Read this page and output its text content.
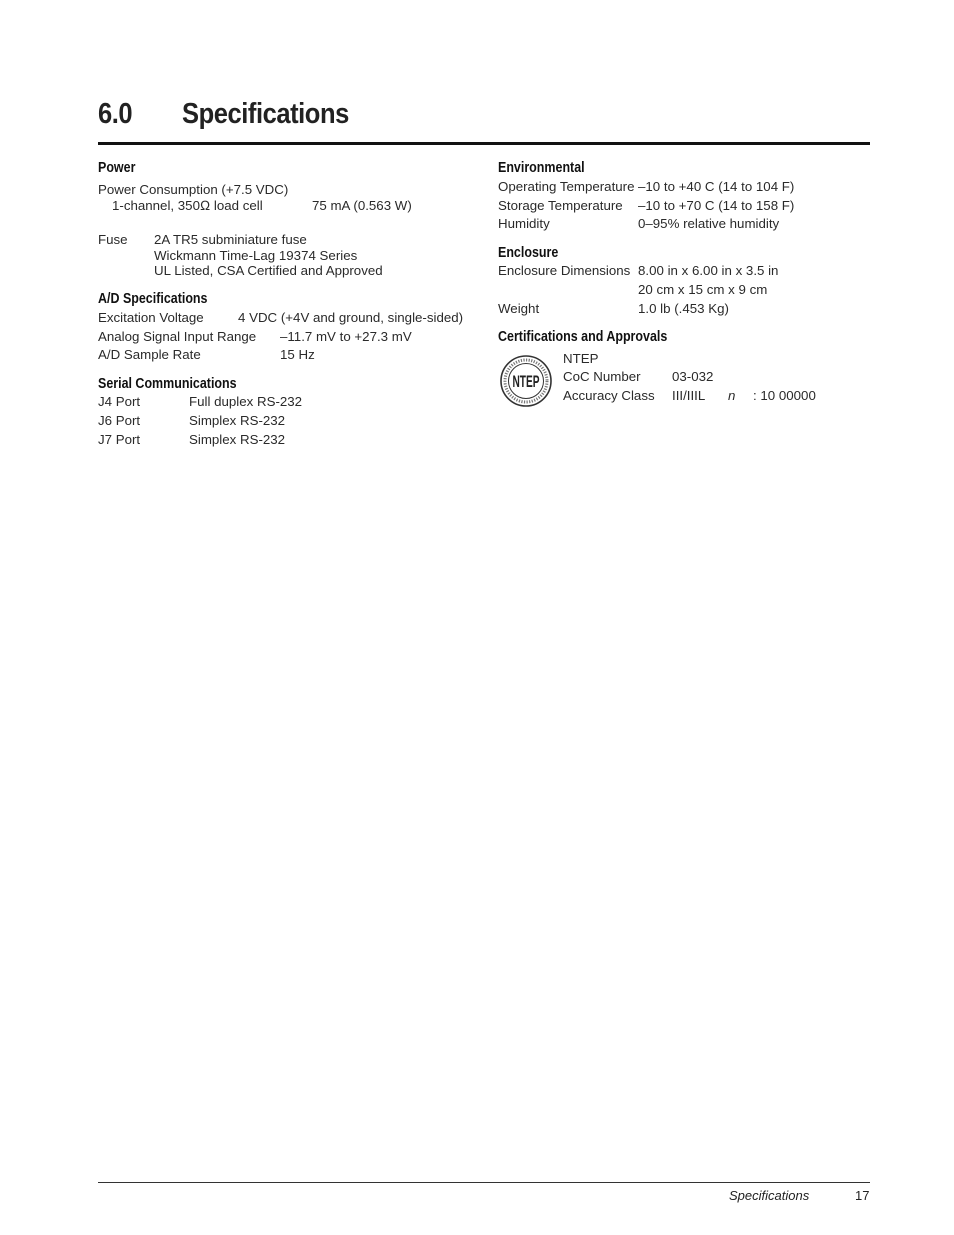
6.0 Specifications
Power
Power Consumption (+7.5 VDC)
1-channel, 350Ω load cell	75 mA (0.563 W)
Fuse 2A TR5 subminiature fuse
Wickmann Time-Lag 19374 Series
UL Listed, CSA Certified and Approved
A/D Specifications
Excitation Voltage	4 VDC (+4V and ground, single-sided)
Analog Signal Input Range –11.7 mV to +27.3 mV
A/D Sample Rate	15 Hz
Serial Communications
J4 Port	Full duplex RS-232
J6 Port	Simplex RS-232
J7 Port	Simplex RS-232
Environmental
Operating Temperature –10 to +40 C (14 to 104 F)
Storage Temperature –10 to +70 C (14 to 158 F)
Humidity	0–95% relative humidity
Enclosure
Enclosure Dimensions 8.00 in x 6.00 in x 3.5 in
20 cm x 15 cm x 9 cm
Weight	1.0 lb (.453 Kg)
Certifications and Approvals
NTEP
NTEP
CoC Number 03-032
Accuracy Class III/IIIL n : 10 00000
Specifications	17
